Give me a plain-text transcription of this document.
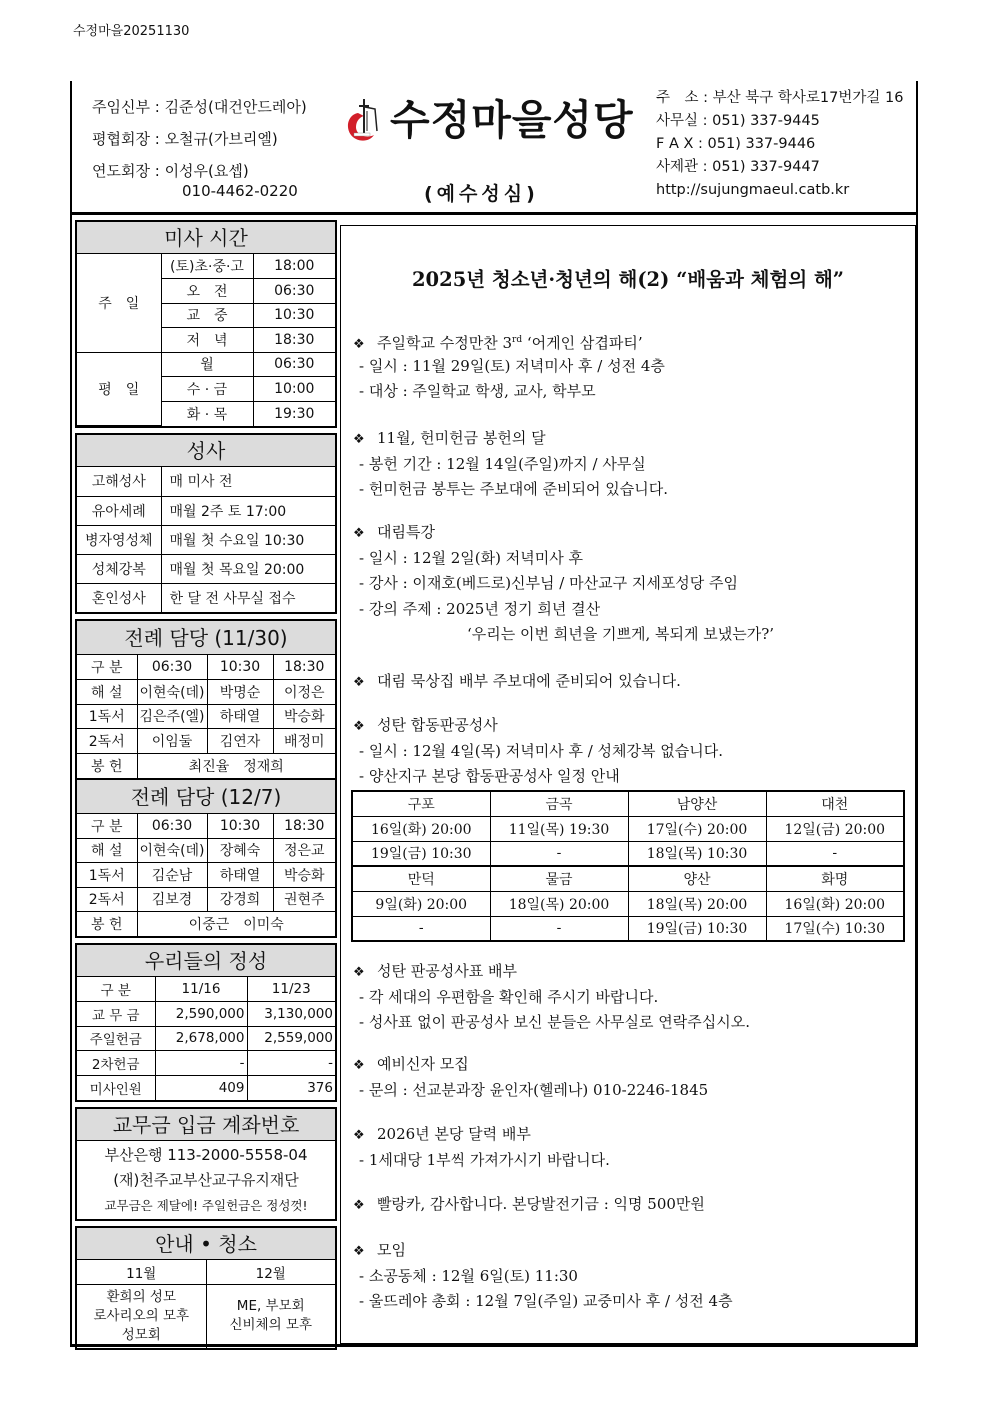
수정마을20251130
주임신부 : 김준성(대건안드레아)
평협회장 : 오철규(가브리엘)
연도회장 : 이성우(요셉)
010-4462-0220
수정마을성당
(예수성심)
주　소 : 부산 북구 학사로17번가길 16
사무실 : 051) 337-9445
F A X : 051) 337-9446
사제관 : 051) 337-9447
http://sujungmaeul.catb.kr
미사 시간
주　일	(토)초·중·고	18:00
	오　전	06:30
	교　중	10:30
	저　녁	18:30
평　일	월	06:30
	수 · 금	10:00
	화 · 목	19:30
성사
고해성사	매 미사 전
유아세례	매월 2주 토 17:00
병자영성체	매월 첫 수요일 10:30
성체강복	매월 첫 목요일 20:00
혼인성사	한 달 전 사무실 접수
전례 담당 (11/30)
구 분	06:30	10:30	18:30
해 설	이현숙(데)	박명순	이정은
1독서	김은주(엘)	하태열	박승화
2독서	이임둘	김연자	배정미
봉 헌	최진율　정재희		
전례 담당 (12/7)
구 분	06:30	10:30	18:30
해 설	이현숙(데)	장혜숙	정은교
1독서	김순남	하태열	박승화
2독서	김보경	강경희	권현주
봉 헌	이중근　이미숙		
우리들의 정성
구 분	11/16	11/23
교 무 금	2,590,000	3,130,000
주일헌금	2,678,000	2,559,000
2차헌금	-	-
미사인원	409	376
교무금 입금 계좌번호
부산은행 113-2000-5558-04
(재)천주교부산교구유지재단
교무금은 제달에! 주일헌금은 정성껏!
안내 • 청소
11월	12월

환희의 성모
로사리오의 모후
성모회

ME, 부모회
신비체의 모후
2025년 청소년·청년의 해(2) “배움과 체험의 해”
❖ 주일학교 수정만찬 3rd ‘어게인 삼겹파티’
- 일시 : 11월 29일(토) 저녁미사 후 / 성전 4층
- 대상 : 주일학교 학생, 교사, 학부모
❖ 11월, 헌미헌금 봉헌의 달
- 봉헌 기간 : 12월 14일(주일)까지 / 사무실
- 헌미헌금 봉투는 주보대에 준비되어 있습니다.
❖ 대림특강
- 일시 : 12월 2일(화) 저녁미사 후
- 강사 : 이재호(베드로)신부님 / 마산교구 지세포성당 주임
- 강의 주제 : 2025년 정기 희년 결산
‘우리는 이번 희년을 기쁘게, 복되게 보냈는가?’
❖ 대림 묵상집 배부 주보대에 준비되어 있습니다.
❖ 성탄 합동판공성사
- 일시 : 12월 4일(목) 저녁미사 후 / 성체강복 없습니다.
- 양산지구 본당 합동판공성사 일정 안내
구포	금곡	남양산	대천
16일(화) 20:00	11일(목) 19:30	17일(수) 20:00	12일(금) 20:00
19일(금) 10:30	-	18일(목) 10:30	-
만덕	물금	양산	화명
9일(화) 20:00	18일(목) 20:00	18일(목) 20:00	16일(화) 20:00
-	-	19일(금) 10:30	17일(수) 10:30
❖ 성탄 판공성사표 배부
- 각 세대의 우편함을 확인해 주시기 바랍니다.
- 성사표 없이 판공성사 보신 분들은 사무실로 연락주십시오.
❖ 예비신자 모집
- 문의 : 선교분과장 윤인자(헬레나) 010-2246-1845
❖ 2026년 본당 달력 배부
- 1세대당 1부씩 가져가시기 바랍니다.
❖ 빨랑카, 감사합니다. 본당발전기금 : 익명 500만원
❖ 모임
- 소공동체 : 12월 6일(토) 11:30
- 울뜨레야 총회 : 12월 7일(주일) 교중미사 후 / 성전 4층
